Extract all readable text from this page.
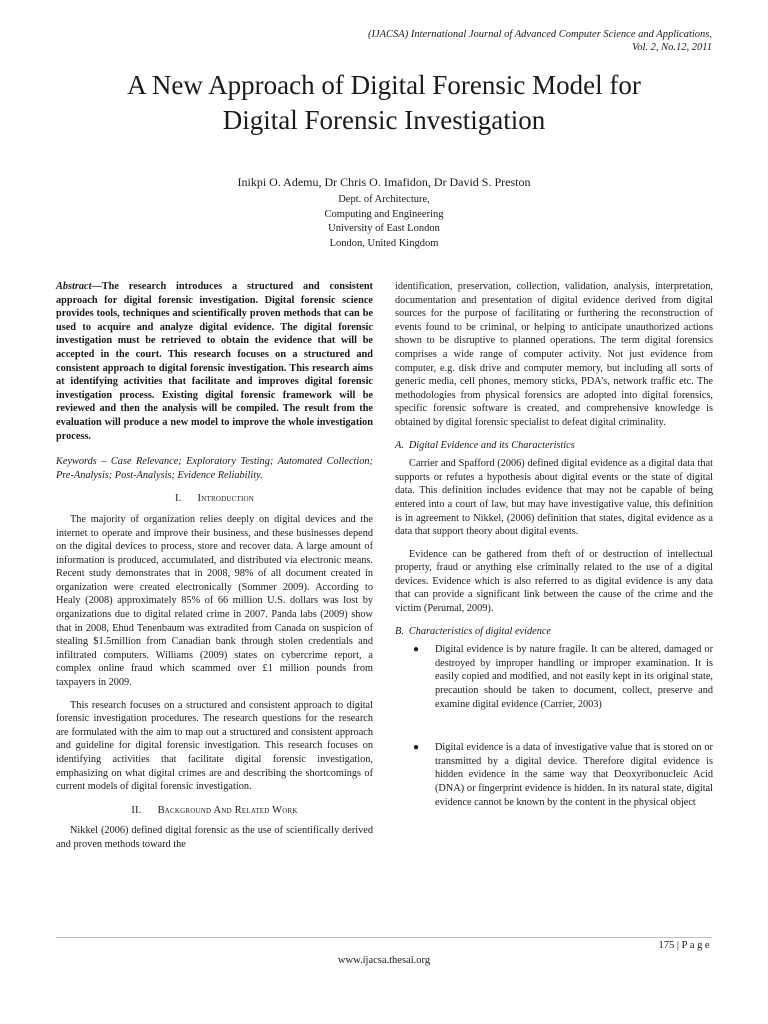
(IJACSA) International Journal of Advanced Computer Science and Applications,
Vol. 2, No.12, 2011
A New Approach of Digital Forensic Model for
Digital Forensic Investigation
Inikpi O. Ademu, Dr Chris O. Imafidon, Dr David S. Preston
Dept. of Architecture,
Computing and Engineering
University of East London
London, United Kingdom

Abstract—The research introduces a structured and consistent approach for digital forensic investigation. Digital forensic science provides tools, techniques and scientifically proven methods that can be used to acquire and analyze digital evidence. The digital forensic investigation must be retrieved to obtain the evidence that will be accepted in the court. This research focuses on a structured and consistent approach to digital forensic investigation. This research aims at identifying activities that facilitate and improves digital forensic investigation process. Existing digital forensic framework will be reviewed and then the analysis will be compiled. The result from the evaluation will produce a new model to improve the whole investigation process.

Keywords – Case Relevance; Exploratory Testing; Automated Collection; Pre-Analysis; Post-Analysis; Evidence Reliability.

I. Introduction

The majority of organization relies deeply on digital devices and the internet to operate and improve their business, and these businesses depend on the digital devices to process, store and recover data. A large amount of information is produced, accumulated, and distributed via electronic means. Recent study demonstrates that in 2008, 98% of all document created in organization were created electronically (Sommer 2009). According to Healy (2008) approximately 85% of 66 million U.S. dollars was lost by organizations due to digital related crime in 2007. Panda labs (2009) show that in 2008, Ehud Tenenbaum was extradited from Canada on suspicion of stealing $1.5million from Canadian bank through stolen credentials and infiltrated computers. Williams (2009) states on cybercrime report, a complex online fraud which scammed over £1 million pounds from taxpayers in 2009.

This research focuses on a structured and consistent approach to digital forensic investigation procedures. The research questions for the research are formulated with the aim to map out a structured and consistent approach and guideline for digital forensic investigation. This research focuses on identifying activities that facilitate digital forensic investigation, emphasizing on what digital crimes are and describing the shortcomings of current models of digital forensic investigation.

II. Background And Related Work

Nikkel (2006) defined digital forensic as the use of scientifically derived and proven methods toward the

identification, preservation, collection, validation, analysis, interpretation, documentation and presentation of digital evidence derived from digital sources for the purpose of facilitating or furthering the reconstruction of events found to be criminal, or helping to anticipate unauthorized actions shown to be disruptive to planned operations. The term digital forensics comprises a wide range of computer activity. Not just evidence from computer, e.g. disk drive and computer memory, but including all sorts of generic media, cell phones, memory sticks, PDA’s, network traffic etc. The methodologies from physical forensics are adopted into digital forensics, specific forensic software is created, and comprehensive knowledge is obtained by digital forensic specialist to defeat digital criminality.

A. Digital Evidence and its Characteristics

Carrier and Spafford (2006) defined digital evidence as a digital data that supports or refutes a hypothesis about digital events or the state of digital data. This definition includes evidence that may not be capable of being entered into a court of law, but may have investigative value, this definition is in agreement to Nikkel, (2006) definition that states, digital evidence as a data that support theory about digital events.

Evidence can be gathered from theft of or destruction of intellectual property, fraud or anything else criminally related to the use of a digital devices. Evidence which is also referred to as digital evidence is any data that can provide a significant link between the cause of the crime and the victim (Perumal, 2009).

B. Characteristics of digital evidence

● Digital evidence is by nature fragile. It can be altered, damaged or destroyed by improper handling or improper examination. It is easily copied and modified, and not easily kept in its original state, precaution should be taken to document, collect, preserve and examine digital evidence (Carrier, 2003)
● Digital evidence is a data of investigative value that is stored on or transmitted by a digital device. Therefore digital evidence is hidden evidence in the same way that Deoxyribonucleic Acid (DNA) or fingerprint evidence is hidden. In its natural state, digital evidence cannot be known by the content in the physical object
175 | Page
www.ijacsa.thesai.org
